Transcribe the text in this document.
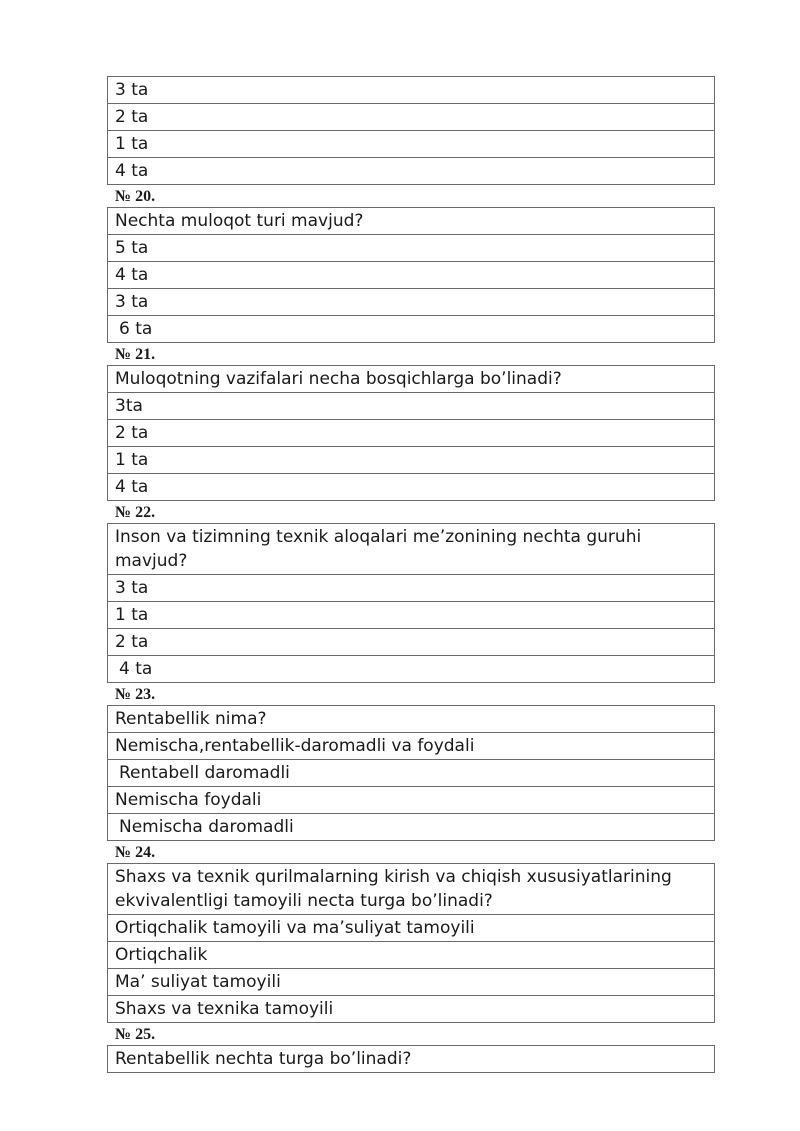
3 ta
2 ta
1 ta
4 ta
№ 20.
Nechta muloqot turi mavjud?
5 ta
4 ta
3 ta
6 ta
№ 21.
Muloqotning vazifalari necha bosqichlarga bo’linadi?
3ta
2 ta
1 ta
4 ta
№ 22.
Inson va tizimning texnik aloqalari me’zonining nechta guruhi mavjud?
3 ta
1 ta
2 ta
4 ta
№ 23.
Rentabellik nima?
Nemischa,rentabellik-daromadli va foydali
Rentabell daromadli
Nemischa foydali
Nemischa daromadli
№ 24.
Shaxs va texnik qurilmalarning kirish va chiqish xususiyatlarining ekvivalentligi tamoyili necta turga bo’linadi?
Ortiqchalik tamoyili va ma’suliyat tamoyili
Ortiqchalik
Ma’ suliyat tamoyili
Shaxs va texnika tamoyili
№ 25.
Rentabellik nechta turga bo’linadi?
